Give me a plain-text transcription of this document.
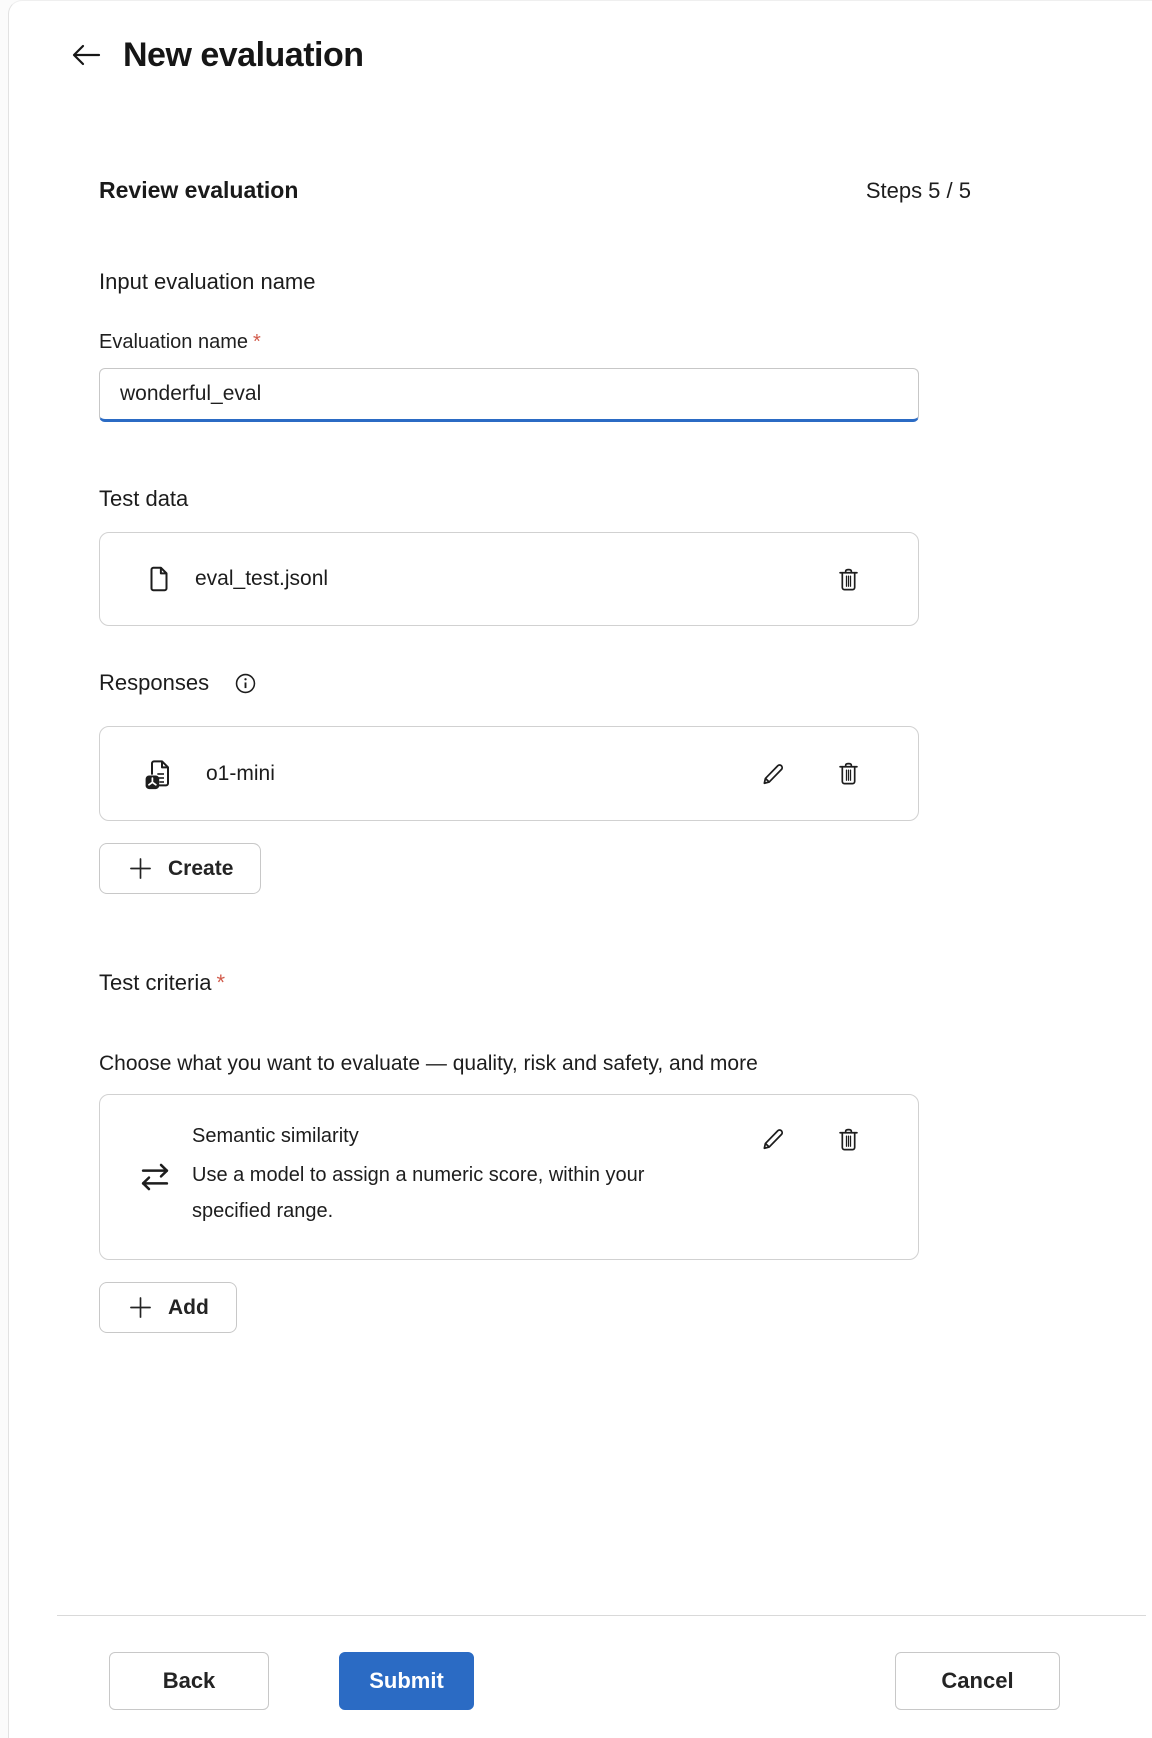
New evaluation
Review evaluation	Steps 5 / 5
Input evaluation name
Evaluation name *
wonderful_eval
Test data
eval_test.jsonl
Responses
o1-mini
Create
Test criteria *
Choose what you want to evaluate — quality, risk and safety, and more
Semantic similarity
Use a model to assign a numeric score, within your specified range.
Add
Back	Submit	Cancel
